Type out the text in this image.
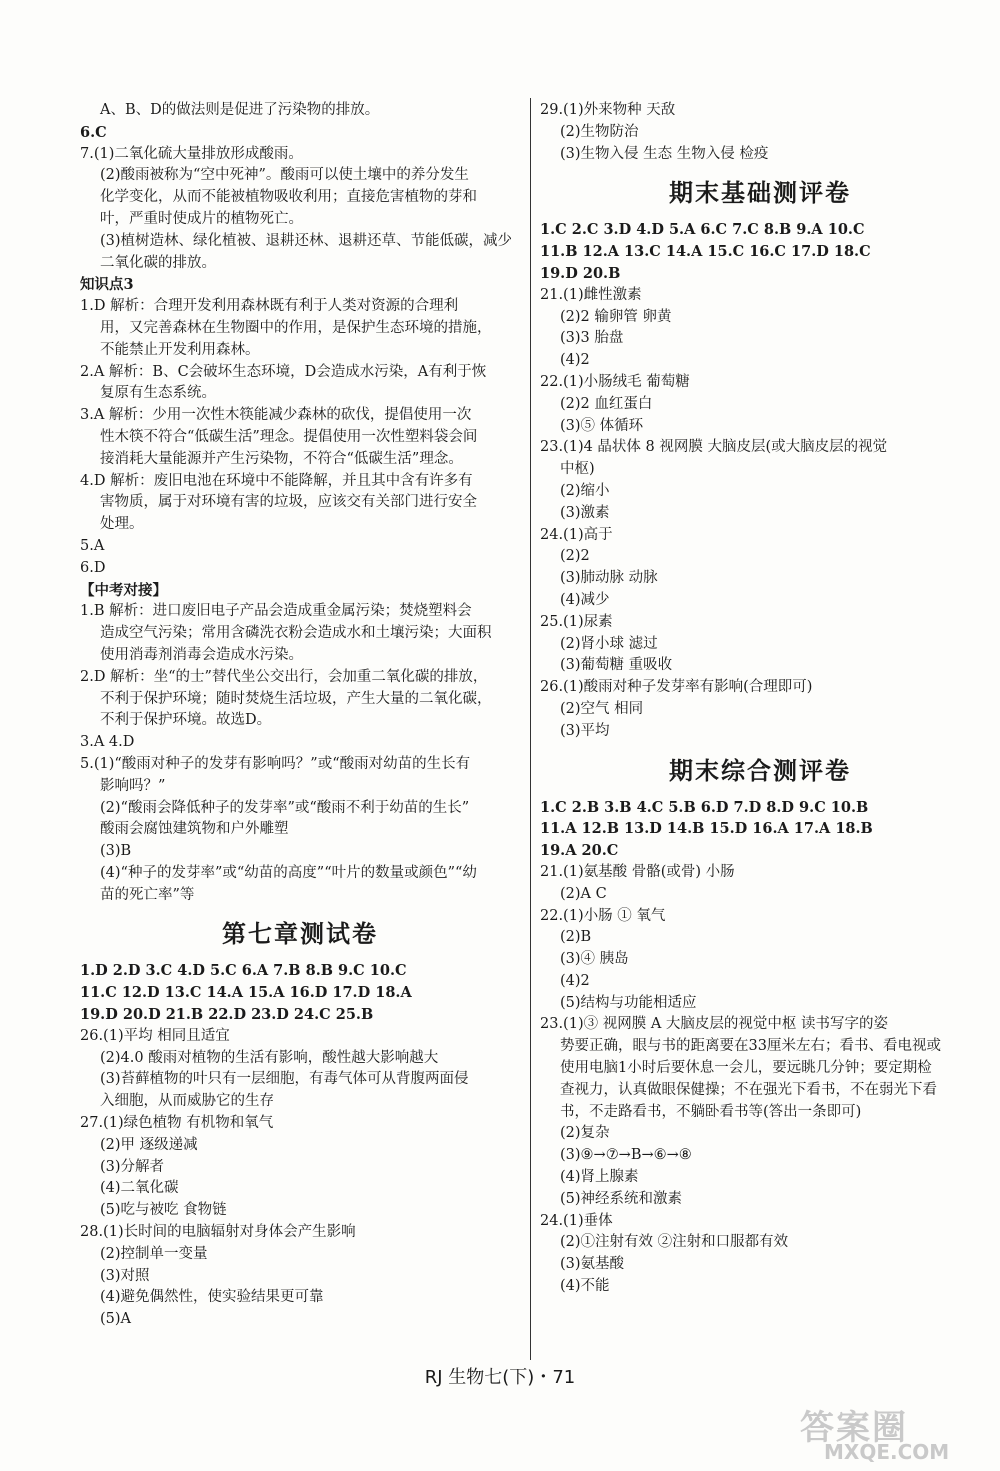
A、B、D的做法则是促进了污染物的排放。
6.C
7.(1)二氧化硫大量排放形成酸雨。
(2)酸雨被称为“空中死神”。酸雨可以使土壤中的养分发生
化学变化，从而不能被植物吸收利用；直接危害植物的芽和
叶，严重时使成片的植物死亡。
(3)植树造林、绿化植被、退耕还林、退耕还草、节能低碳，减少
二氧化碳的排放。
知识点3
1.D 解析：合理开发利用森林既有利于人类对资源的合理利
用，又完善森林在生物圈中的作用，是保护生态环境的措施，
不能禁止开发利用森林。
2.A 解析：B、C会破坏生态环境，D会造成水污染，A有利于恢
复原有生态系统。
3.A 解析：少用一次性木筷能减少森林的砍伐，提倡使用一次
性木筷不符合“低碳生活”理念。提倡使用一次性塑料袋会间
接消耗大量能源并产生污染物，不符合“低碳生活”理念。
4.D 解析：废旧电池在环境中不能降解，并且其中含有许多有
害物质，属于对环境有害的垃圾，应该交有关部门进行安全
处理。
5.A
6.D
【中考对接】
1.B 解析：进口废旧电子产品会造成重金属污染；焚烧塑料会
造成空气污染；常用含磷洗衣粉会造成水和土壤污染；大面积
使用消毒剂消毒会造成水污染。
2.D 解析：坐“的士”替代坐公交出行，会加重二氧化碳的排放，
不利于保护环境；随时焚烧生活垃圾，产生大量的二氧化碳，
不利于保护环境。故选D。
3.A 4.D
5.(1)“酸雨对种子的发芽有影响吗？”或“酸雨对幼苗的生长有
影响吗？”
(2)“酸雨会降低种子的发芽率”或“酸雨不利于幼苗的生长”
酸雨会腐蚀建筑物和户外雕塑
(3)B
(4)“种子的发芽率”或“幼苗的高度”“叶片的数量或颜色”“幼
苗的死亡率”等
第七章测试卷
1.D 2.D 3.C 4.D 5.C 6.A 7.B 8.B 9.C 10.C
11.C 12.D 13.C 14.A 15.A 16.D 17.D 18.A
19.D 20.D 21.B 22.D 23.D 24.C 25.B
26.(1)平均 相同且适宜
(2)4.0 酸雨对植物的生活有影响，酸性越大影响越大
(3)苔藓植物的叶只有一层细胞，有毒气体可从背腹两面侵
入细胞，从而威胁它的生存
27.(1)绿色植物 有机物和氧气
(2)甲 逐级递减
(3)分解者
(4)二氧化碳
(5)吃与被吃 食物链
28.(1)长时间的电脑辐射对身体会产生影响
(2)控制单一变量
(3)对照
(4)避免偶然性，使实验结果更可靠
(5)A
29.(1)外来物种 天敌
(2)生物防治
(3)生物入侵 生态 生物入侵 检疫
期末基础测评卷
1.C 2.C 3.D 4.D 5.A 6.C 7.C 8.B 9.A 10.C
11.B 12.A 13.C 14.A 15.C 16.C 17.D 18.C
19.D 20.B
21.(1)雌性激素
(2)2 输卵管 卵黄
(3)3 胎盘
(4)2
22.(1)小肠绒毛 葡萄糖
(2)2 血红蛋白
(3)⑤ 体循环
23.(1)4 晶状体 8 视网膜 大脑皮层(或大脑皮层的视觉
中枢)
(2)缩小
(3)激素
24.(1)高于
(2)2
(3)肺动脉 动脉
(4)减少
25.(1)尿素
(2)肾小球 滤过
(3)葡萄糖 重吸收
26.(1)酸雨对种子发芽率有影响(合理即可)
(2)空气 相同
(3)平均
期末综合测评卷
1.C 2.B 3.B 4.C 5.B 6.D 7.D 8.D 9.C 10.B
11.A 12.B 13.D 14.B 15.D 16.A 17.A 18.B
19.A 20.C
21.(1)氨基酸 骨骼(或骨) 小肠
(2)A C
22.(1)小肠 ① 氧气
(2)B
(3)④ 胰岛
(4)2
(5)结构与功能相适应
23.(1)③ 视网膜 A 大脑皮层的视觉中枢 读书写字的姿
势要正确，眼与书的距离要在33厘米左右；看书、看电视或
使用电脑1小时后要休息一会儿，要远眺几分钟；要定期检
查视力，认真做眼保健操；不在强光下看书，不在弱光下看
书，不走路看书，不躺卧看书等(答出一条即可)
(2)复杂
(3)⑨→⑦→B→⑥→⑧
(4)肾上腺素
(5)神经系统和激素
24.(1)垂体
(2)①注射有效 ②注射和口服都有效
(3)氨基酸
(4)不能
RJ 生物七(下)・71
答案圈
MXQE.COM
